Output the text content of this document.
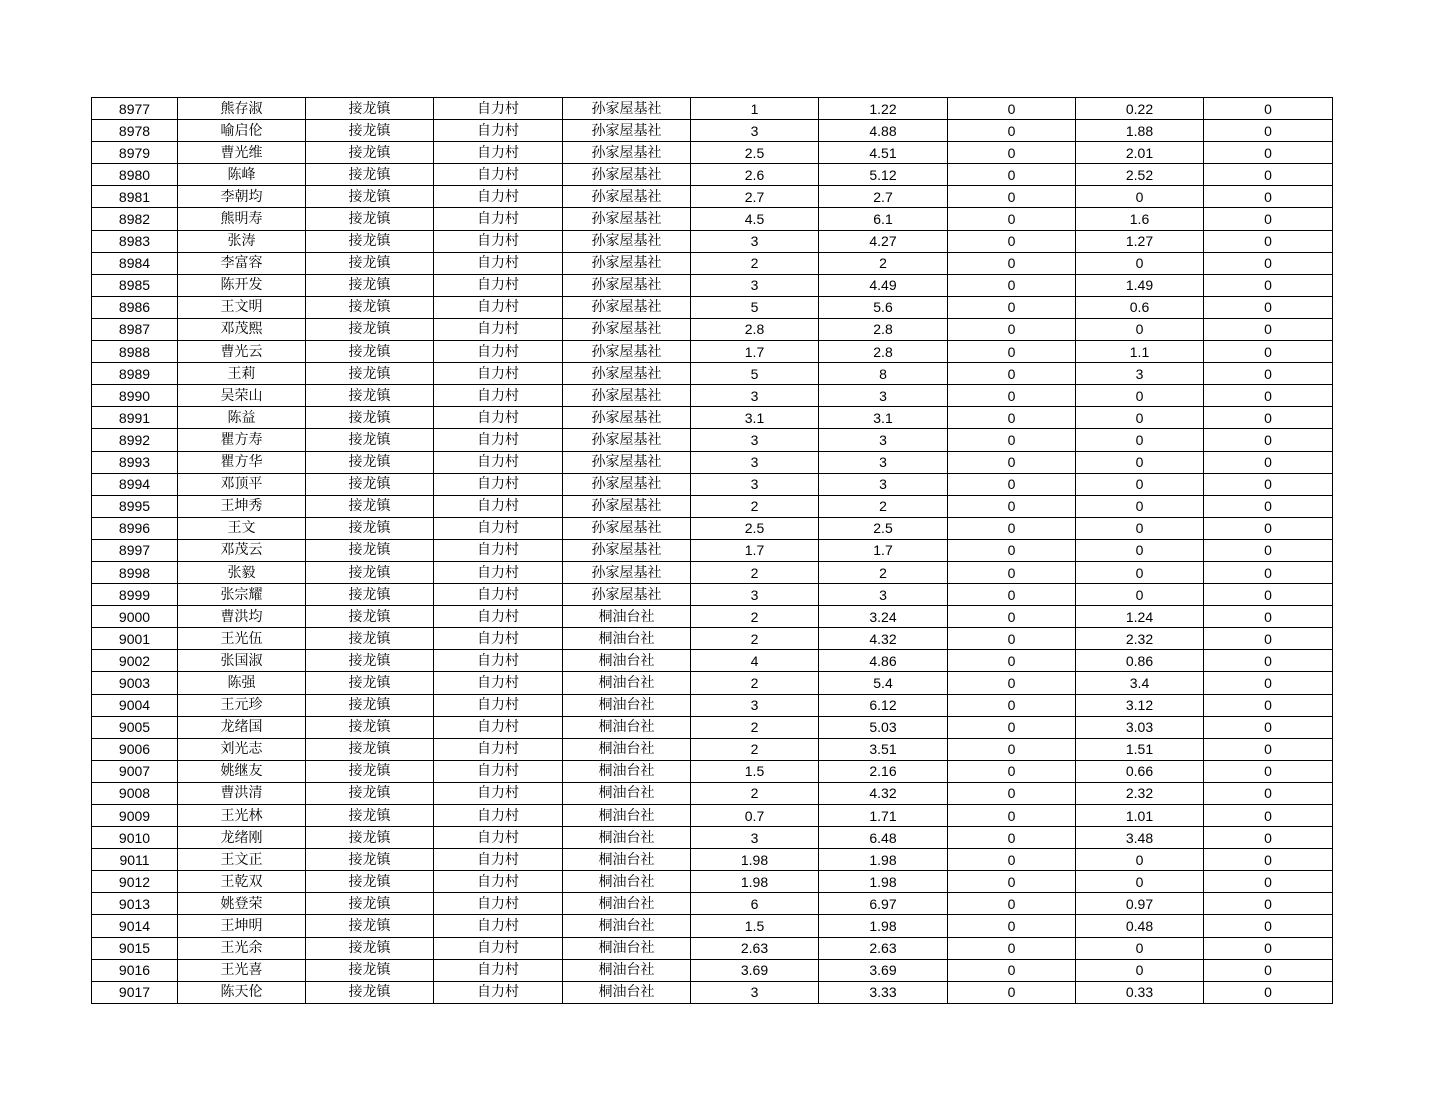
8977	熊存淑	接龙镇	自力村	孙家屋基社	1	1.22	0	0.22	0
8978	喻启伦	接龙镇	自力村	孙家屋基社	3	4.88	0	1.88	0
8979	曹光维	接龙镇	自力村	孙家屋基社	2.5	4.51	0	2.01	0
8980	陈峰	接龙镇	自力村	孙家屋基社	2.6	5.12	0	2.52	0
8981	李朝均	接龙镇	自力村	孙家屋基社	2.7	2.7	0	0	0
8982	熊明寿	接龙镇	自力村	孙家屋基社	4.5	6.1	0	1.6	0
8983	张涛	接龙镇	自力村	孙家屋基社	3	4.27	0	1.27	0
8984	李富容	接龙镇	自力村	孙家屋基社	2	2	0	0	0
8985	陈开发	接龙镇	自力村	孙家屋基社	3	4.49	0	1.49	0
8986	王文明	接龙镇	自力村	孙家屋基社	5	5.6	0	0.6	0
8987	邓茂熙	接龙镇	自力村	孙家屋基社	2.8	2.8	0	0	0
8988	曹光云	接龙镇	自力村	孙家屋基社	1.7	2.8	0	1.1	0
8989	王莉	接龙镇	自力村	孙家屋基社	5	8	0	3	0
8990	吴荣山	接龙镇	自力村	孙家屋基社	3	3	0	0	0
8991	陈益	接龙镇	自力村	孙家屋基社	3.1	3.1	0	0	0
8992	瞿方寿	接龙镇	自力村	孙家屋基社	3	3	0	0	0
8993	瞿方华	接龙镇	自力村	孙家屋基社	3	3	0	0	0
8994	邓顶平	接龙镇	自力村	孙家屋基社	3	3	0	0	0
8995	王坤秀	接龙镇	自力村	孙家屋基社	2	2	0	0	0
8996	王文	接龙镇	自力村	孙家屋基社	2.5	2.5	0	0	0
8997	邓茂云	接龙镇	自力村	孙家屋基社	1.7	1.7	0	0	0
8998	张毅	接龙镇	自力村	孙家屋基社	2	2	0	0	0
8999	张宗耀	接龙镇	自力村	孙家屋基社	3	3	0	0	0
9000	曹洪均	接龙镇	自力村	桐油台社	2	3.24	0	1.24	0
9001	王光伍	接龙镇	自力村	桐油台社	2	4.32	0	2.32	0
9002	张国淑	接龙镇	自力村	桐油台社	4	4.86	0	0.86	0
9003	陈强	接龙镇	自力村	桐油台社	2	5.4	0	3.4	0
9004	王元珍	接龙镇	自力村	桐油台社	3	6.12	0	3.12	0
9005	龙绪国	接龙镇	自力村	桐油台社	2	5.03	0	3.03	0
9006	刘光志	接龙镇	自力村	桐油台社	2	3.51	0	1.51	0
9007	姚继友	接龙镇	自力村	桐油台社	1.5	2.16	0	0.66	0
9008	曹洪清	接龙镇	自力村	桐油台社	2	4.32	0	2.32	0
9009	王光林	接龙镇	自力村	桐油台社	0.7	1.71	0	1.01	0
9010	龙绪刚	接龙镇	自力村	桐油台社	3	6.48	0	3.48	0
9011	王文正	接龙镇	自力村	桐油台社	1.98	1.98	0	0	0
9012	王乾双	接龙镇	自力村	桐油台社	1.98	1.98	0	0	0
9013	姚登荣	接龙镇	自力村	桐油台社	6	6.97	0	0.97	0
9014	王坤明	接龙镇	自力村	桐油台社	1.5	1.98	0	0.48	0
9015	王光余	接龙镇	自力村	桐油台社	2.63	2.63	0	0	0
9016	王光喜	接龙镇	自力村	桐油台社	3.69	3.69	0	0	0
9017	陈天伦	接龙镇	自力村	桐油台社	3	3.33	0	0.33	0
